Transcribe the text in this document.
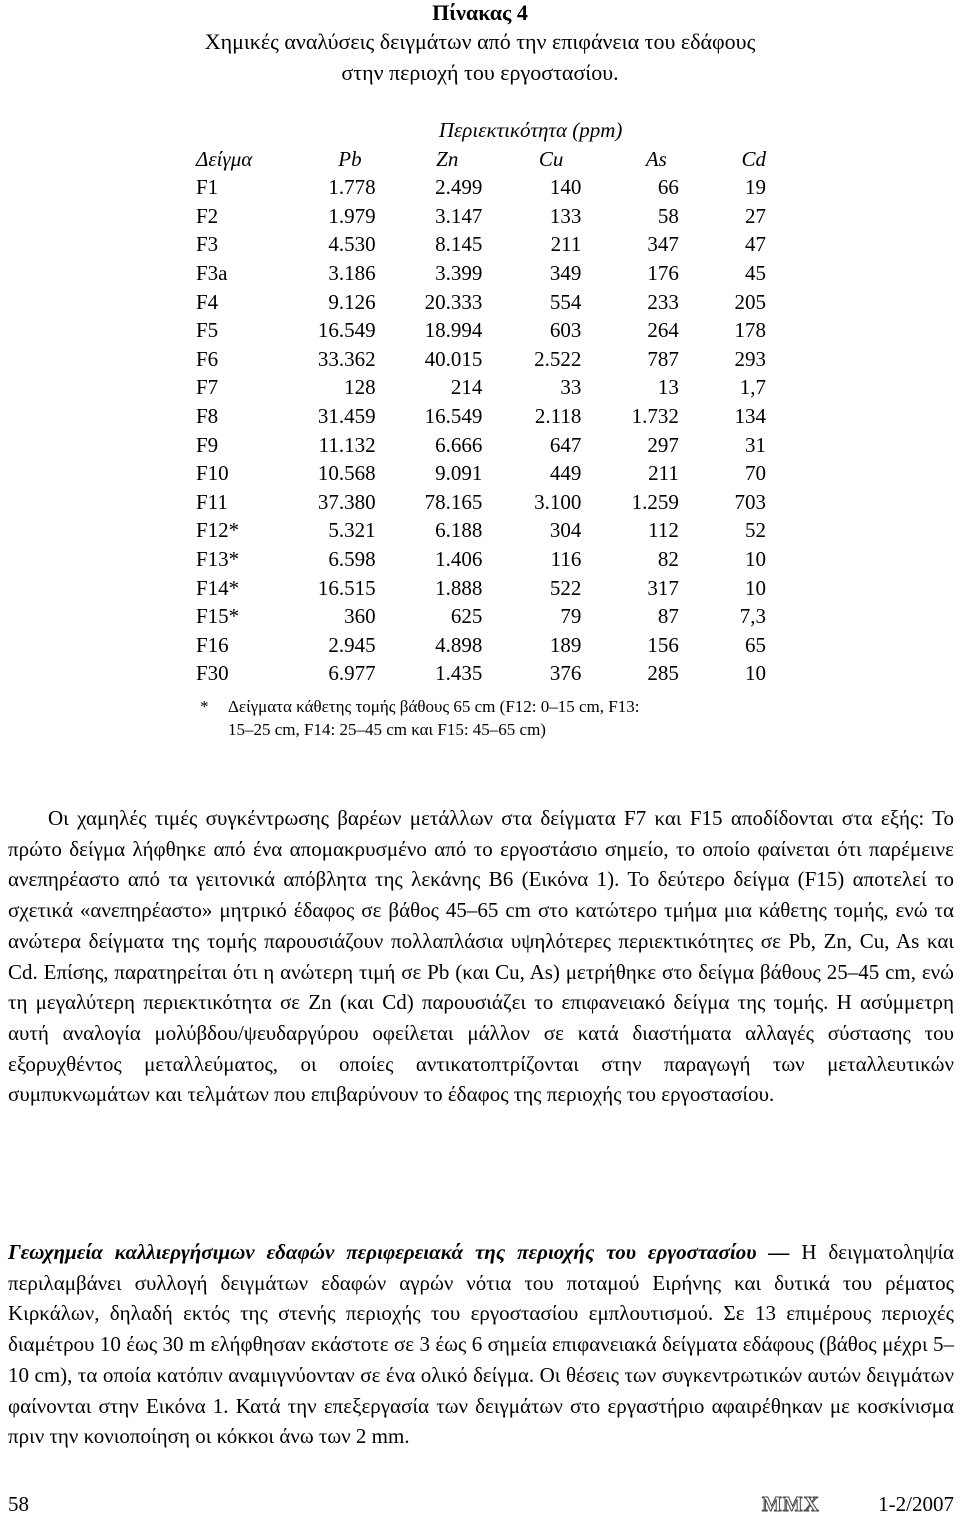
Πίνακας 4
Χημικές αναλύσεις δειγμάτων από την επιφάνεια του εδάφους
στην περιοχή του εργοστασίου.
	Περιεκτικότητα (ppm)				
Δείγμα	Pb	Zn	Cu	As	Cd
F1	1.778	2.499	140	66	19
F2	1.979	3.147	133	58	27
F3	4.530	8.145	211	347	47
F3a	3.186	3.399	349	176	45
F4	9.126	20.333	554	233	205
F5	16.549	18.994	603	264	178
F6	33.362	40.015	2.522	787	293
F7	128	214	33	13	1,7
F8	31.459	16.549	2.118	1.732	134
F9	11.132	6.666	647	297	31
F10	10.568	9.091	449	211	70
F11	37.380	78.165	3.100	1.259	703
F12*	5.321	6.188	304	112	52
F13*	6.598	1.406	116	82	10
F14*	16.515	1.888	522	317	10
F15*	360	625	79	87	7,3
F16	2.945	4.898	189	156	65
F30	6.977	1.435	376	285	10
* Δείγματα κάθετης τομής βάθους 65 cm (F12: 0–15 cm, F13:
15–25 cm, F14: 25–45 cm και F15: 45–65 cm)

Οι χαμηλές τιμές συγκέντρωσης βαρέων μετάλλων στα δείγματα F7 και F15 αποδίδονται στα εξής: Το πρώτο δείγμα λήφθηκε από ένα απομακρυσμένο από το εργοστάσιο σημείο, το οποίο φαίνεται ότι παρέμεινε ανεπηρέαστο από τα γειτονικά απόβλητα της λεκάνης Β6 (Εικόνα 1). Το δεύτερο δείγμα (F15) αποτελεί το σχετικά «ανεπηρέαστο» μητρικό έδαφος σε βάθος 45–65 cm στο κατώτερο τμήμα μια κάθετης τομής, ενώ τα ανώτερα δείγματα της τομής παρουσιάζουν πολλαπλάσια υψηλότερες περιεκτικότητες σε Pb, Zn, Cu, As και Cd. Επίσης, παρατηρείται ότι η ανώτερη τιμή σε Pb (και Cu, As) μετρήθηκε στο δείγμα βάθους 25–45 cm, ενώ τη μεγαλύτερη περιεκτικότητα σε Zn (και Cd) παρουσιάζει το επιφανειακό δείγμα της τομής. Η ασύμμετρη αυτή αναλογία μολύβδου/ψευδαργύρου οφείλεται μάλλον σε κατά διαστήματα αλλαγές σύστασης του εξορυχθέντος μεταλλεύματος, οι οποίες αντικατοπτρίζονται στην παραγωγή των μεταλλευτικών συμπυκνωμάτων και τελμάτων που επιβαρύνουν το έδαφος της περιοχής του εργοστασίου.

Γεωχημεία καλλιεργήσιμων εδαφών περιφερειακά της περιοχής του εργοστασίου — Η δειγματοληψία περιλαμβάνει συλλογή δειγμάτων εδαφών αγρών νότια του ποταμού Ειρήνης και δυτικά του ρέματος Κιρκάλων, δηλαδή εκτός της στενής περιοχής του εργοστασίου εμπλουτισμού. Σε 13 επιμέρους περιοχές διαμέτρου 10 έως 30 m ελήφθησαν εκάστοτε σε 3 έως 6 σημεία επιφανειακά δείγματα εδάφους (βάθος μέχρι 5–10 cm), τα οποία κατόπιν αναμιγνύονταν σε ένα ολικό δείγμα. Οι θέσεις των συγκεντρωτικών αυτών δειγμάτων φαίνονται στην Εικόνα 1. Κατά την επεξεργασία των δειγμάτων στο εργαστήριο αφαιρέθηκαν με κοσκίνισμα πριν την κονιοποίηση οι κόκκοι άνω των 2 mm.

58	MMX	1-2/2007
